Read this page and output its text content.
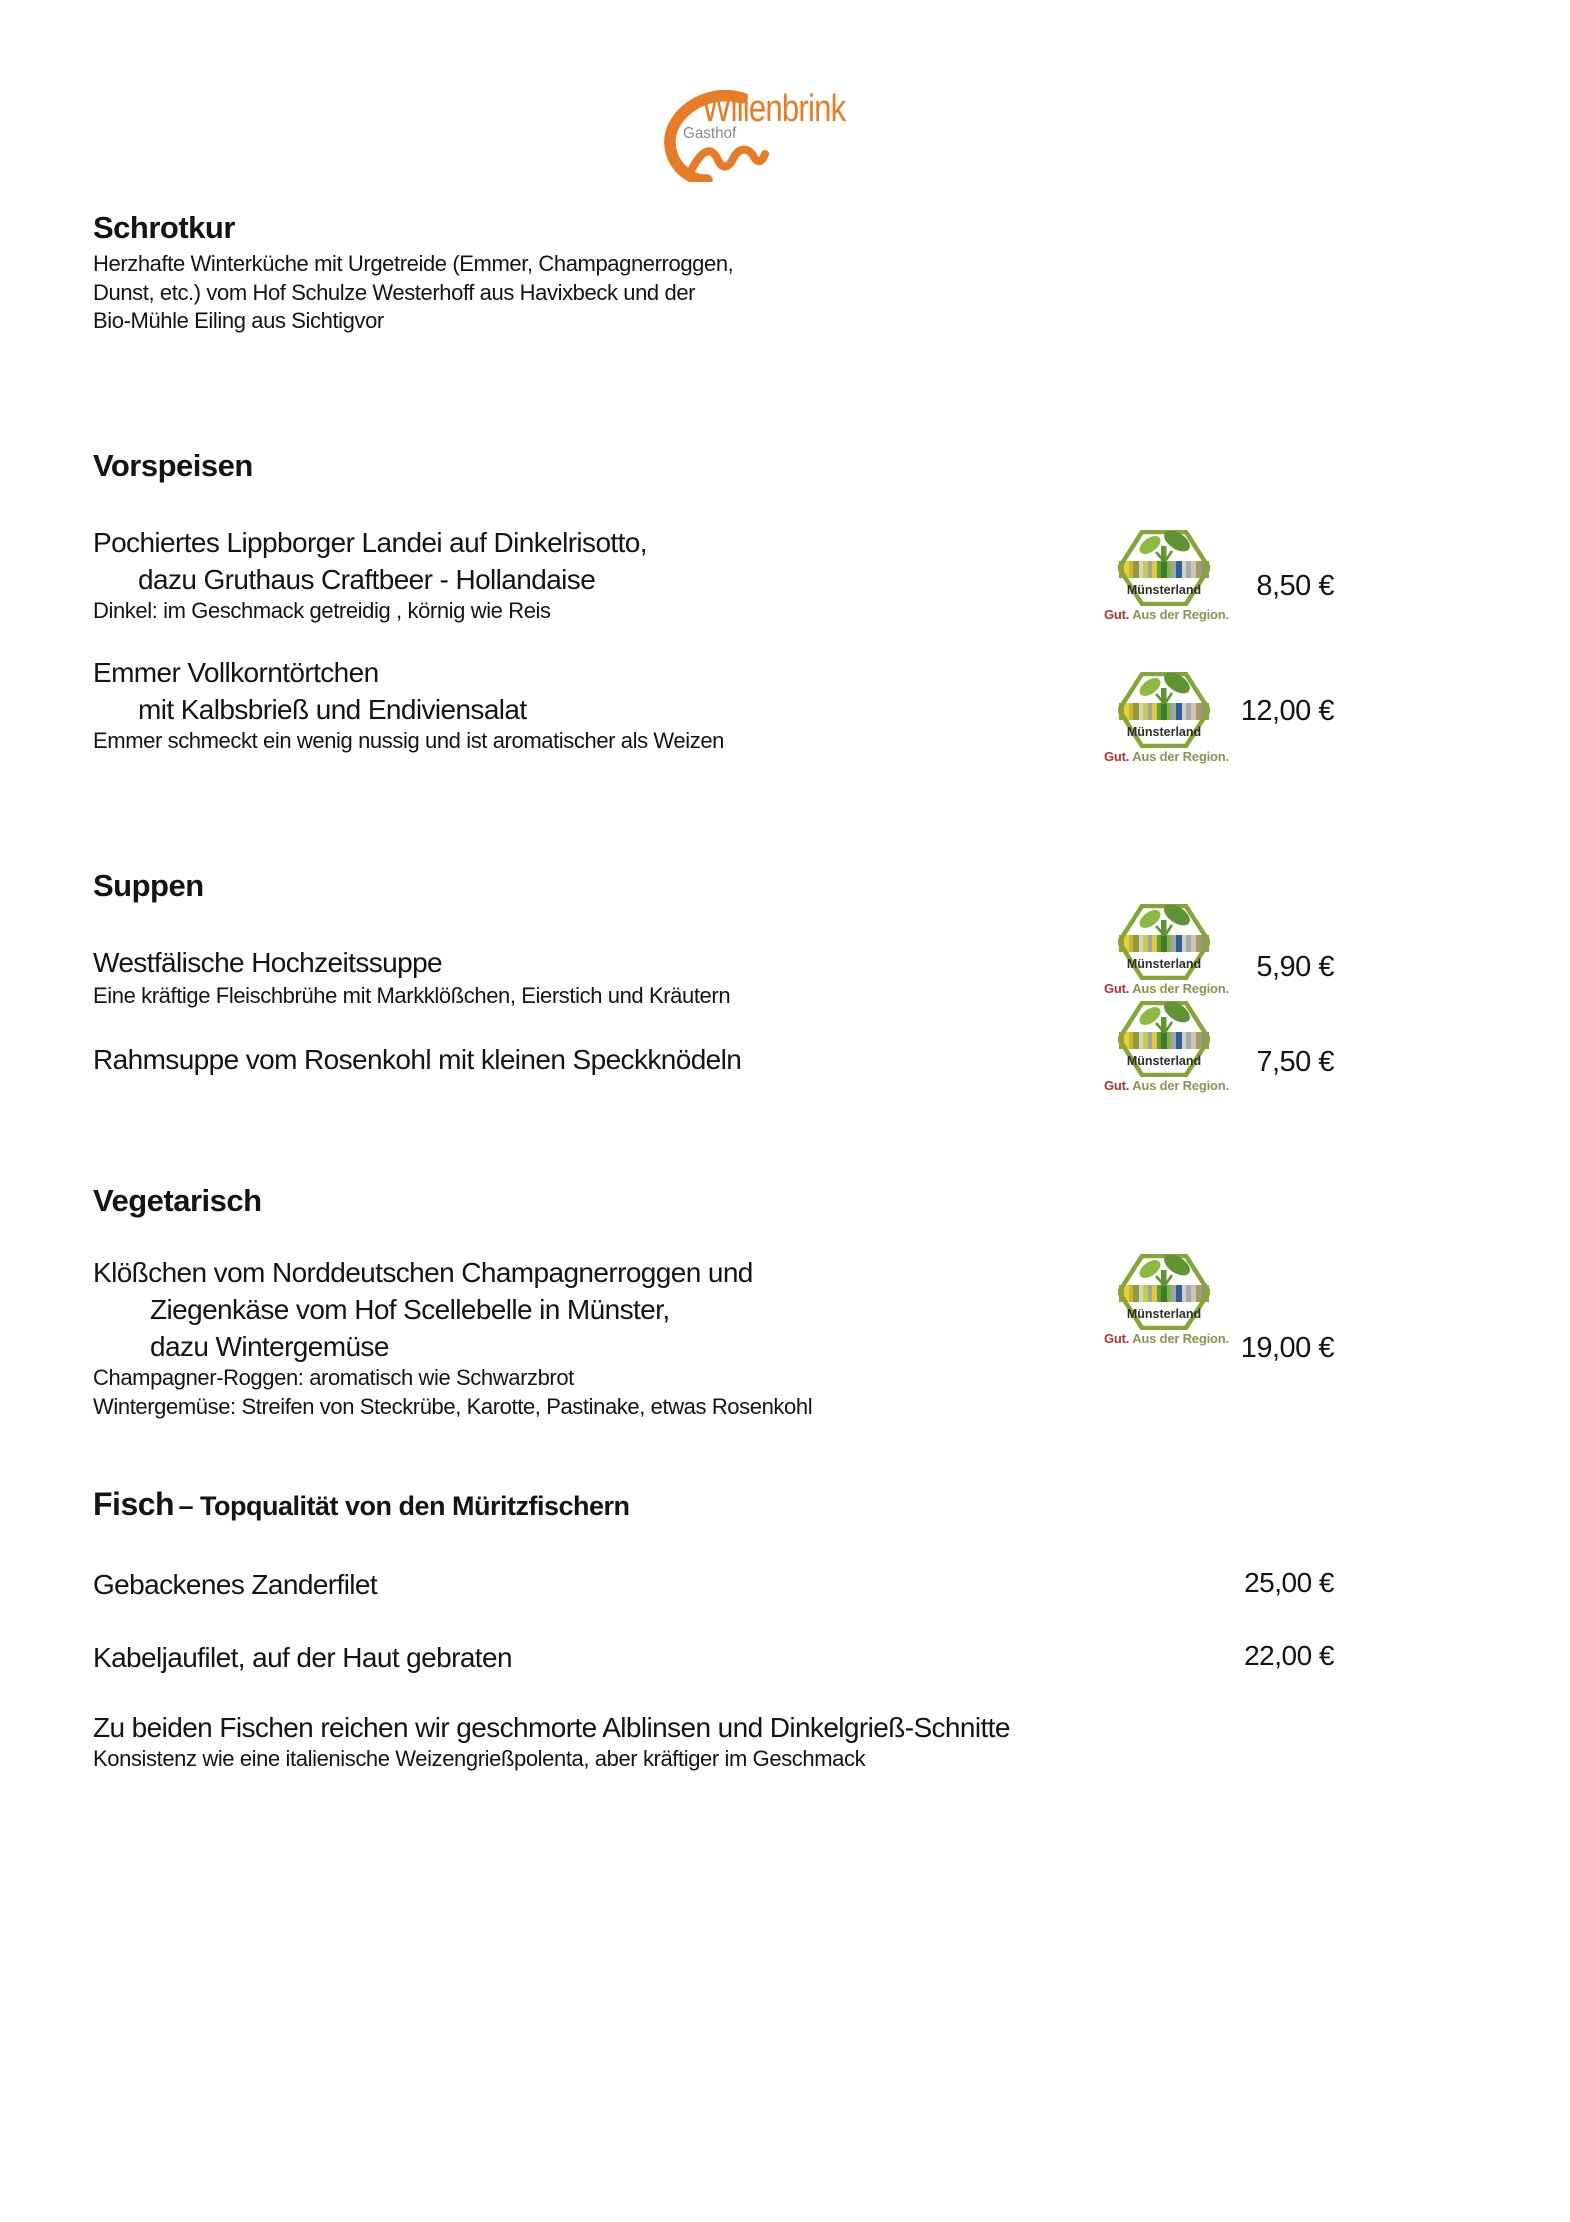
Willenbrink
Gasthof
Schrotkur
Herzhafte Winterküche mit Urgetreide (Emmer, Champagnerroggen,
Dunst, etc.) vom Hof Schulze Westerhoff aus Havixbeck und der
Bio-Mühle Eiling aus Sichtigvor
Vorspeisen
Pochiertes Lippborger Landei auf Dinkelrisotto,
dazu Gruthaus Craftbeer - Hollandaise
Dinkel: im Geschmack getreidig , körnig wie Reis	Gut. Aus der Region.
8,50 €
Emmer Vollkorntörtchen
mit Kalbsbrieß und Endiviensalat
Emmer schmeckt ein wenig nussig und ist aromatischer als Weizen
Gut. Aus der Region.
12,00 €
Suppen
Westfälische Hochzeitssuppe
Eine kräftige Fleischbrühe mit Markklößchen, Eierstich und Kräutern	Gut. Aus der Region.
5,90 €
Rahmsuppe vom Rosenkohl mit kleinen Speckknödeln
Gut. Aus der Region.
7,50 €
Vegetarisch
Klößchen vom Norddeutschen Champagnerroggen und
Ziegenkäse vom Hof Scellebelle in Münster,
dazu Wintergemüse
Champagner-Roggen: aromatisch wie Schwarzbrot
Wintergemüse: Streifen von Steckrübe, Karotte, Pastinake, etwas Rosenkohl
Gut. Aus der Region. 19,00 €
Fisch – Topqualität von den Müritzfischern
Gebackenes Zanderfilet	25,00 €
Kabeljaufilet, auf der Haut gebraten	22,00 €
Zu beiden Fischen reichen wir geschmorte Alblinsen und Dinkelgrieß-Schnitte
Konsistenz wie eine italienische Weizengrießpolenta, aber kräftiger im Geschmack
